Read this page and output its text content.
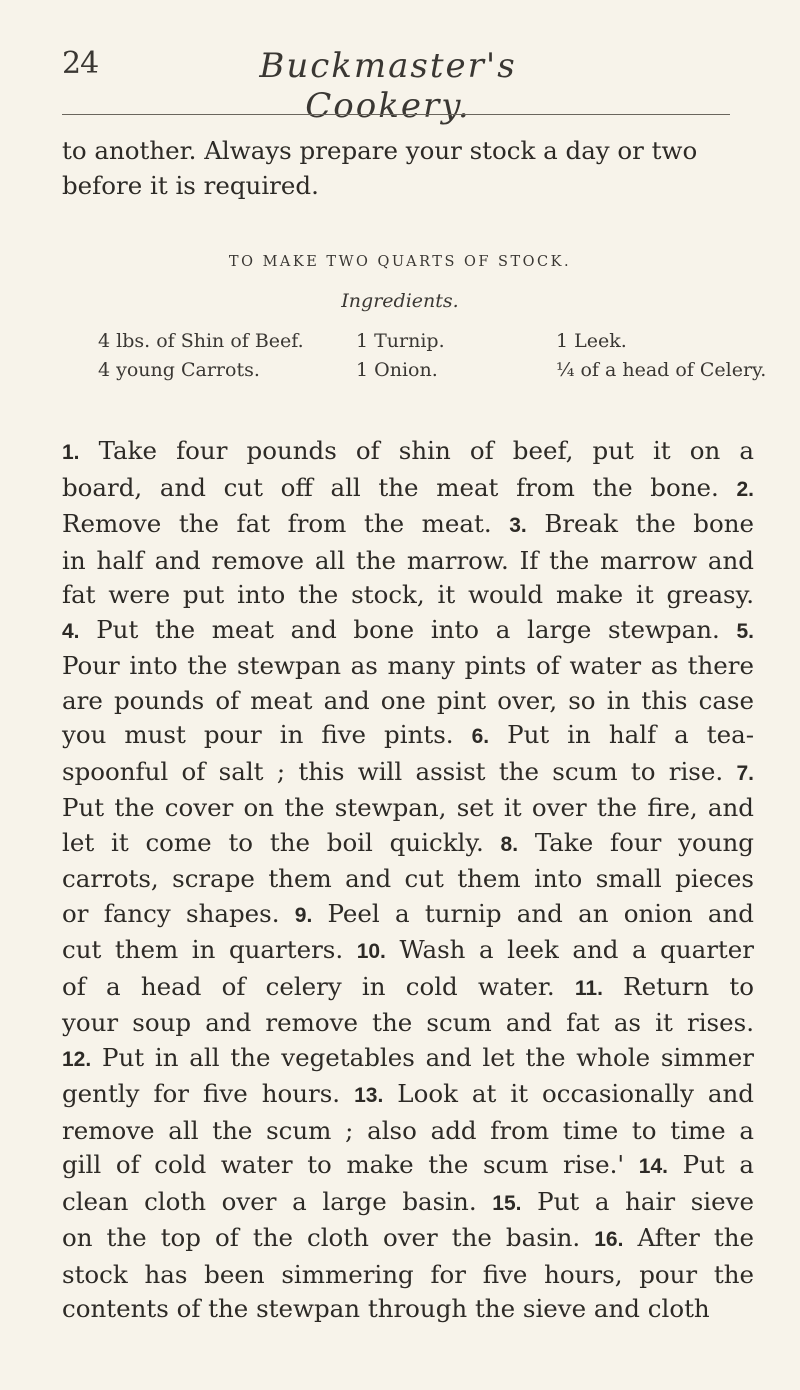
24	Buckmaster's Cookery.
to another. Always prepare your stock a day or two
before it is required.
TO MAKE TWO QUARTS OF STOCK.
Ingredients.
4 lbs. of Shin of Beef.	1 Turnip.	1 Leek.
4 young Carrots.	1 Onion.	¼ of a head of Celery.
1. Take four pounds of shin of beef, put it on a
board, and cut off all the meat from the bone. 2.
Remove the fat from the meat. 3. Break the bone
in half and remove all the marrow. If the marrow and
fat were put into the stock, it would make it greasy.
4. Put the meat and bone into a large stewpan. 5.
Pour into the stewpan as many pints of water as there
are pounds of meat and one pint over, so in this case
you must pour in five pints. 6. Put in half a tea-
spoonful of salt ; this will assist the scum to rise. 7.
Put the cover on the stewpan, set it over the fire, and
let it come to the boil quickly. 8. Take four young
carrots, scrape them and cut them into small pieces
or fancy shapes. 9. Peel a turnip and an onion and
cut them in quarters. 10. Wash a leek and a quarter
of a head of celery in cold water. 11. Return to
your soup and remove the scum and fat as it rises.
12. Put in all the vegetables and let the whole simmer
gently for five hours. 13. Look at it occasionally and
remove all the scum ; also add from time to time a
gill of cold water to make the scum rise.' 14. Put a
clean cloth over a large basin. 15. Put a hair sieve
on the top of the cloth over the basin. 16. After the
stock has been simmering for five hours, pour the
contents of the stewpan through the sieve and cloth
